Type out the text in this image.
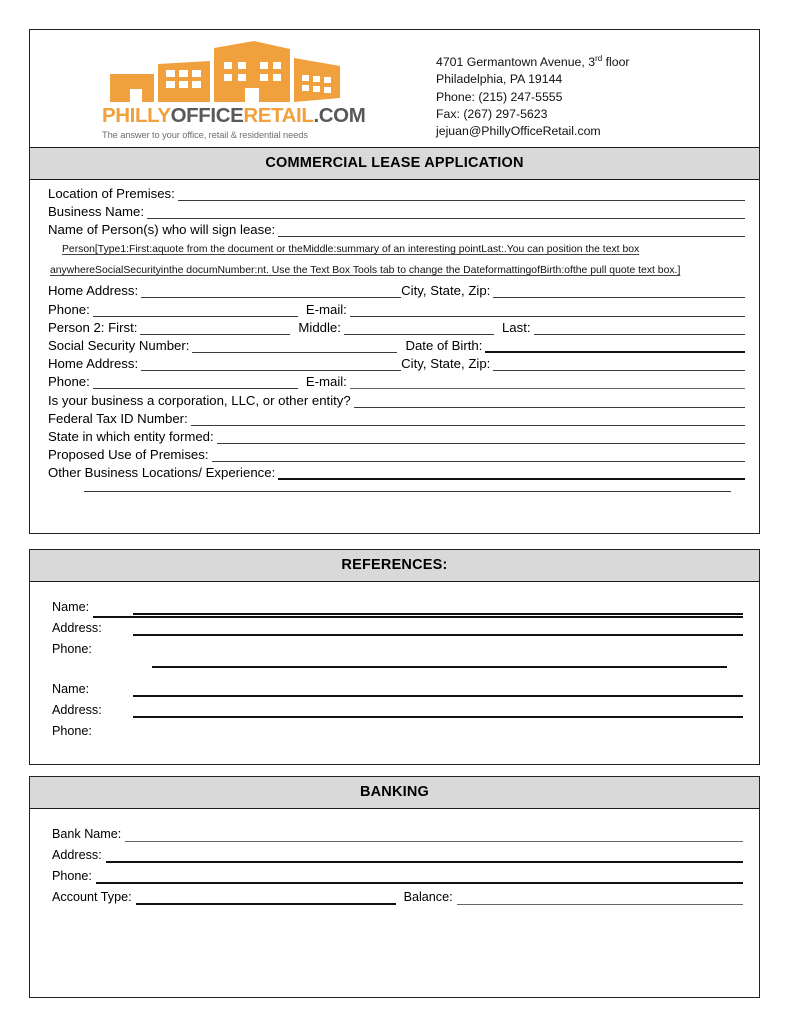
PHILLYOFFICERETAIL.COM
The answer to your office, retail & residential needs
4701 Germantown Avenue, 3rd floor
Philadelphia, PA 19144
Phone: (215) 247-5555
Fax: (267) 297-5623
jejuan@PhillyOfficeRetail.com
COMMERCIAL LEASE APPLICATION
Location of Premises:
Business Name:
Name of Person(s) who will sign lease:
Person[Type1:First:aquote from the document or theMiddle:summary of an interesting pointLast:.You can position the text box
anywhereSocialSecurityinthe documNumber:nt. Use the Text Box Tools tab to change the DateformattingofBirth:ofthe pull quote text box.]
Home Address:	City, State, Zip:
Phone:	E-mail:
Person 2: First:	Middle:	Last:
Social Security Number:	Date of Birth:
Home Address:	City, State, Zip:
Phone:	E-mail:
Is your business a corporation, LLC, or other entity?
Federal Tax ID Number:
State in which entity formed:
Proposed Use of Premises:
Other Business Locations/ Experience:
REFERENCES:
Name:
Address:
Phone:
Name:
Address:
Phone:
BANKING
Bank Name:
Address:
Phone:
Account Type:	Balance:
